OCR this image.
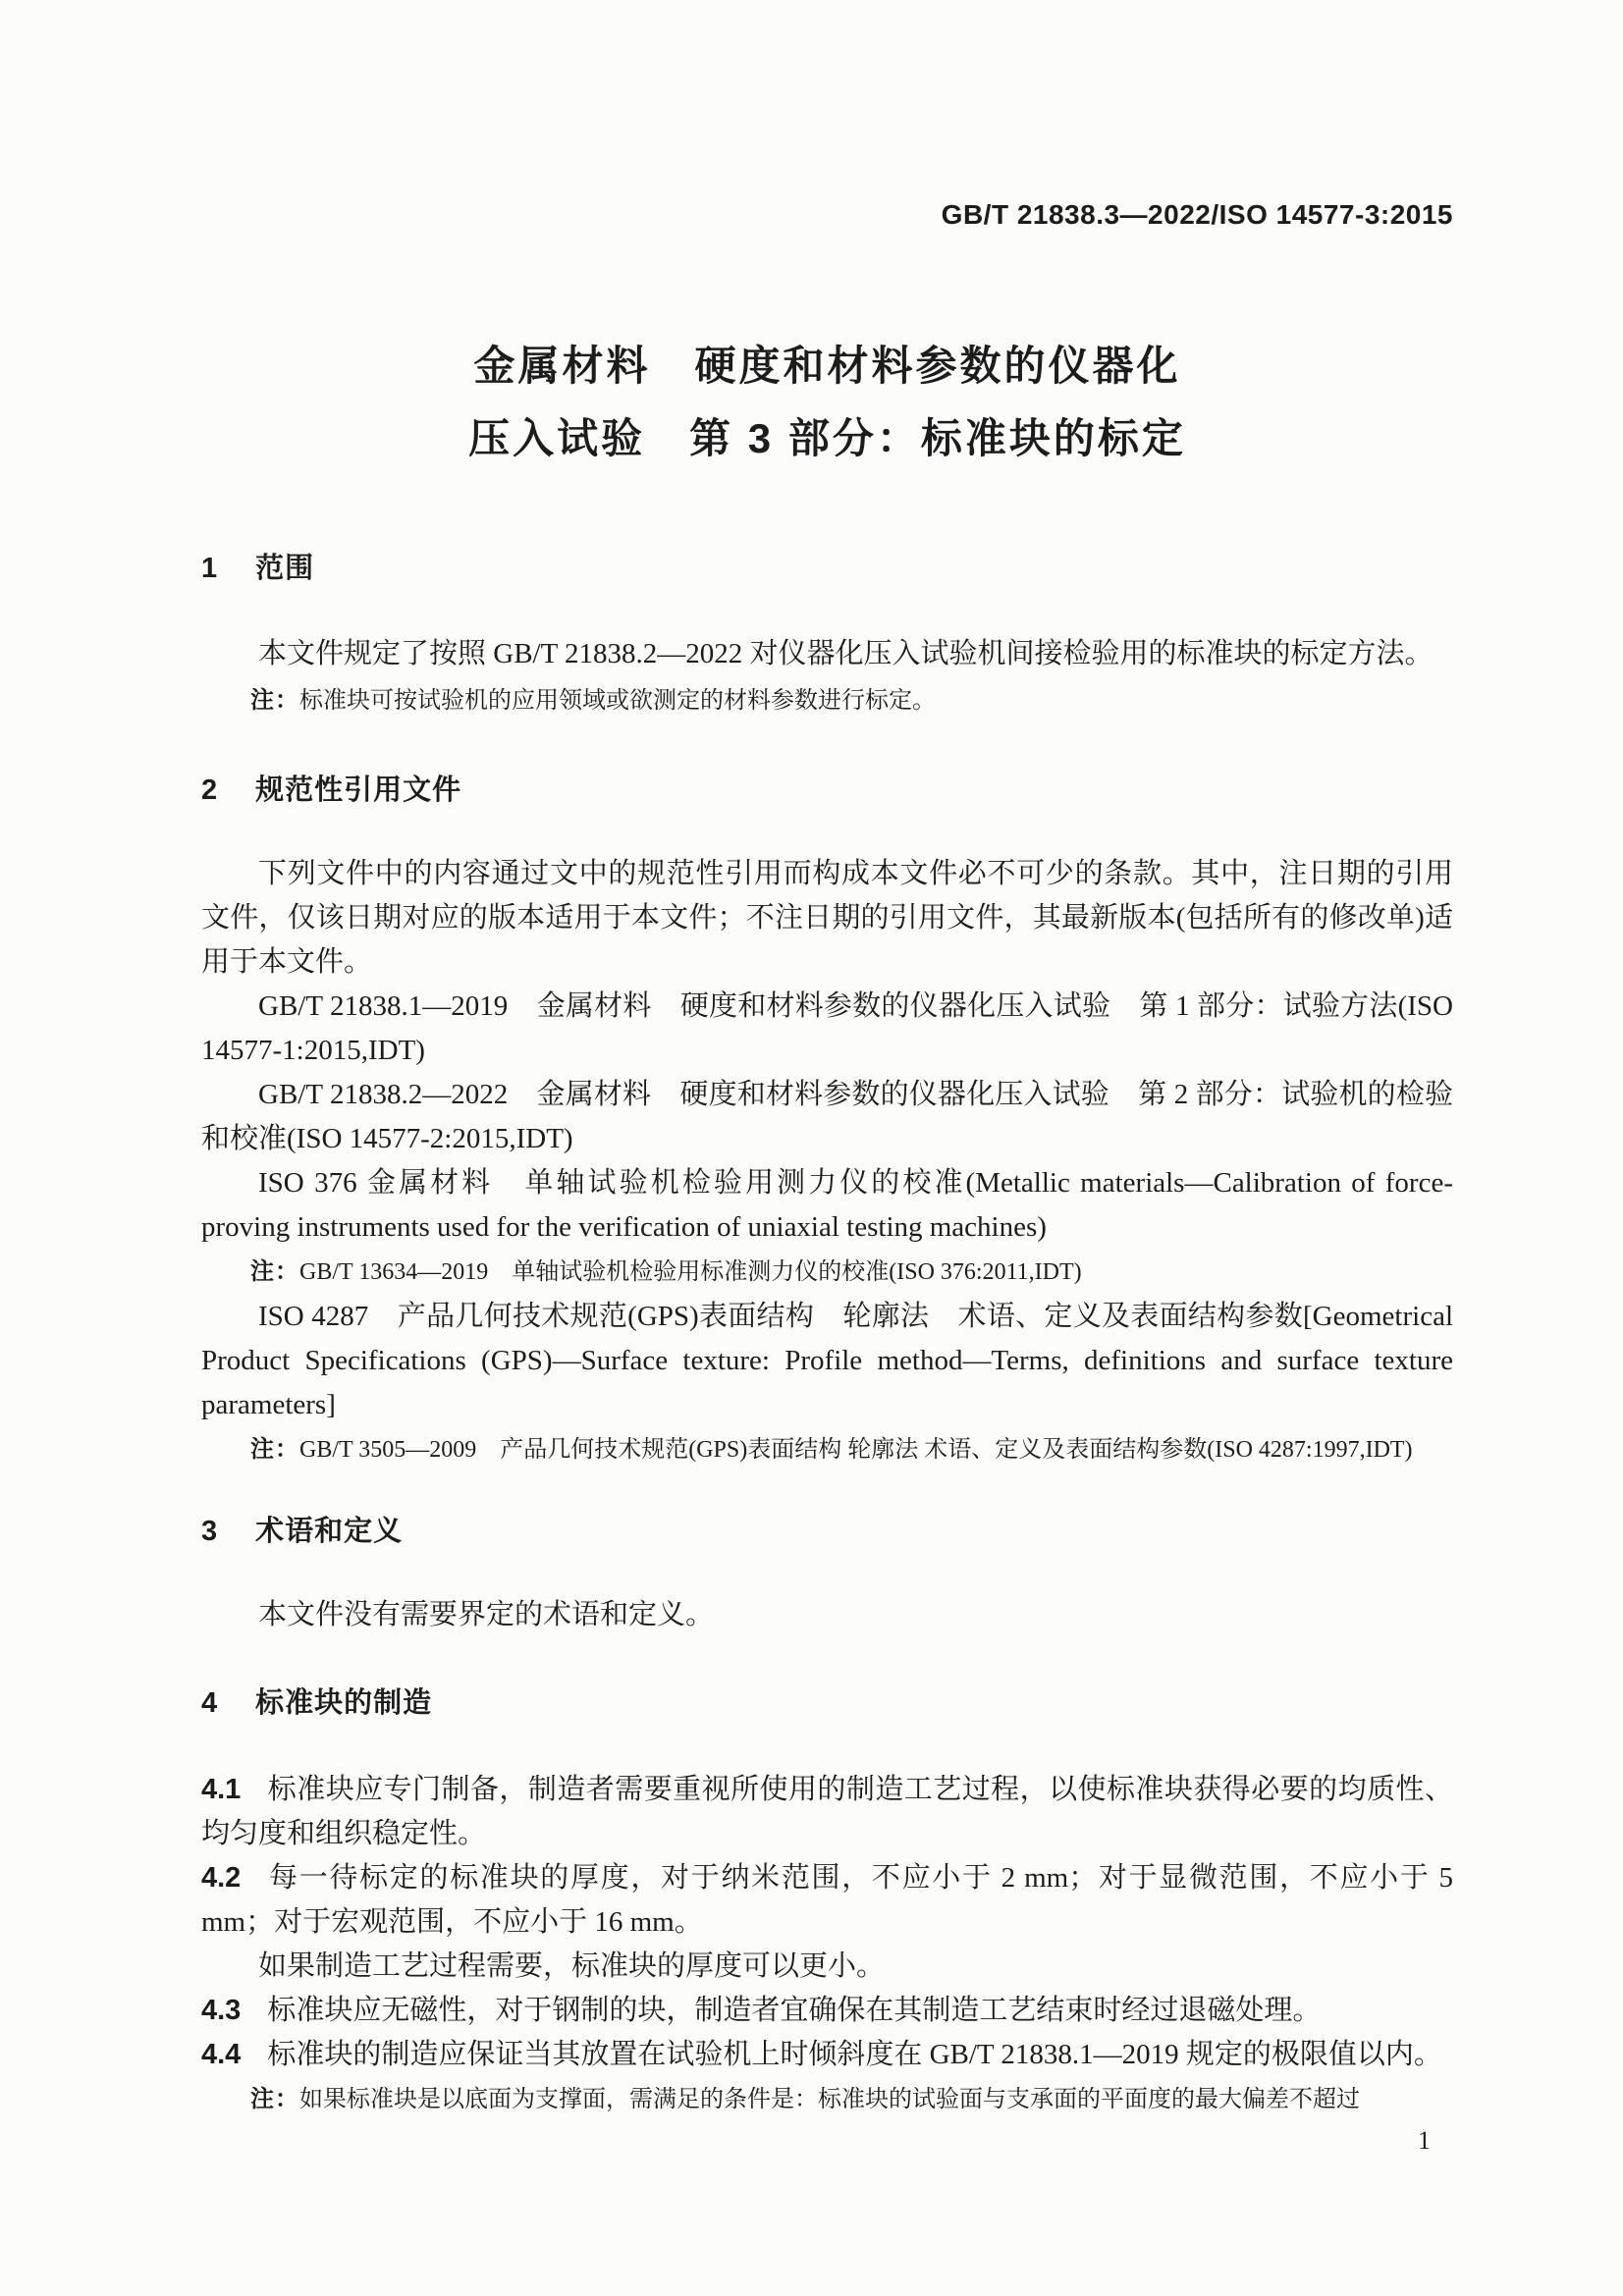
GB/T 21838.3—2022/ISO 14577-3:2015
金属材料　硬度和材料参数的仪器化
压入试验　第 3 部分：标准块的标定
1 范围

本文件规定了按照 GB/T 21838.2—2022 对仪器化压入试验机间接检验用的标准块的标定方法。

注：标准块可按试验机的应用领域或欲测定的材料参数进行标定。

2 规范性引用文件

下列文件中的内容通过文中的规范性引用而构成本文件必不可少的条款。其中，注日期的引用文件，仅该日期对应的版本适用于本文件；不注日期的引用文件，其最新版本(包括所有的修改单)适用于本文件。

GB/T 21838.1—2019　金属材料　硬度和材料参数的仪器化压入试验　第 1 部分：试验方法(ISO 14577-1:2015,IDT)

GB/T 21838.2—2022　金属材料　硬度和材料参数的仪器化压入试验　第 2 部分：试验机的检验和校准(ISO 14577-2:2015,IDT)

ISO 376 金属材料　单轴试验机检验用测力仪的校准(Metallic materials—Calibration of force-proving instruments used for the verification of uniaxial testing machines)

注：GB/T 13634—2019　单轴试验机检验用标准测力仪的校准(ISO 376:2011,IDT)

ISO 4287　产品几何技术规范(GPS)表面结构　轮廓法　术语、定义及表面结构参数[Geometrical Product Specifications (GPS)—Surface texture: Profile method—Terms, definitions and surface texture parameters]

注：GB/T 3505—2009　产品几何技术规范(GPS)表面结构 轮廓法 术语、定义及表面结构参数(ISO 4287:1997,IDT)

3 术语和定义

本文件没有需要界定的术语和定义。

4 标准块的制造

4.1 标准块应专门制备，制造者需要重视所使用的制造工艺过程，以使标准块获得必要的均质性、均匀度和组织稳定性。

4.2 每一待标定的标准块的厚度，对于纳米范围，不应小于 2 mm；对于显微范围，不应小于 5 mm；对于宏观范围，不应小于 16 mm。

如果制造工艺过程需要，标准块的厚度可以更小。

4.3 标准块应无磁性，对于钢制的块，制造者宜确保在其制造工艺结束时经过退磁处理。

4.4 标准块的制造应保证当其放置在试验机上时倾斜度在 GB/T 21838.1—2019 规定的极限值以内。

注：如果标准块是以底面为支撑面，需满足的条件是：标准块的试验面与支承面的平面度的最大偏差不超过

1
